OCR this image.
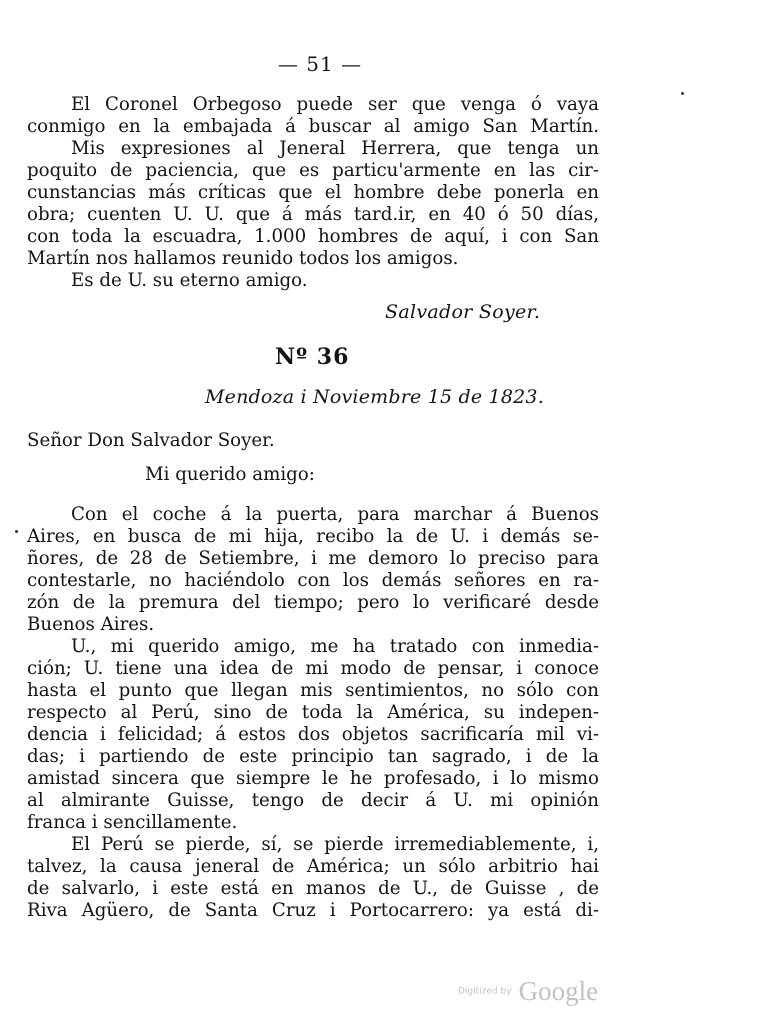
— 51 —
El Coronel Orbegoso puede ser que venga ó vaya
conmigo en la embajada á buscar al amigo San Martín.
Mis expresiones al Jeneral Herrera, que tenga un
poquito de paciencia, que es particu'armente en las cir-
cunstancias más críticas que el hombre debe ponerla en
obra; cuenten U. U. que á más tard.ir, en 40 ó 50 días,
con toda la escuadra, 1.000 hombres de aquí, i con San
Martín nos hallamos reunido todos los amigos.
Es de U. su eterno amigo.
Salvador Soyer.
Nº 36
Mendoza i Noviembre 15 de 1823.
Señor Don Salvador Soyer.
Mi querido amigo:
Con el coche á la puerta, para marchar á Buenos
Aires, en busca de mi hija, recibo la de U. i demás se-
ñores, de 28 de Setiembre, i me demoro lo preciso para
contestarle, no haciéndolo con los demás señores en ra-
zón de la premura del tiempo; pero lo verificaré desde
Buenos Aires.
U., mi querido amigo, me ha tratado con inmedia-
ción; U. tiene una idea de mi modo de pensar, i conoce
hasta el punto que llegan mis sentimientos, no sólo con
respecto al Perú, sino de toda la América, su indepen-
dencia i felicidad; á estos dos objetos sacrificaría mil vi-
das; i partiendo de este principio tan sagrado, i de la
amistad sincera que siempre le he profesado, i lo mismo
al almirante Guisse, tengo de decir á U. mi opinión
franca i sencillamente.
El Perú se pierde, sí, se pierde irremediablemente, i,
talvez, la causa jeneral de América; un sólo arbitrio hai
de salvarlo, i este está en manos de U., de Guisse , de
Riva Agüero, de Santa Cruz i Portocarrero: ya está di-
Digitized by Google
